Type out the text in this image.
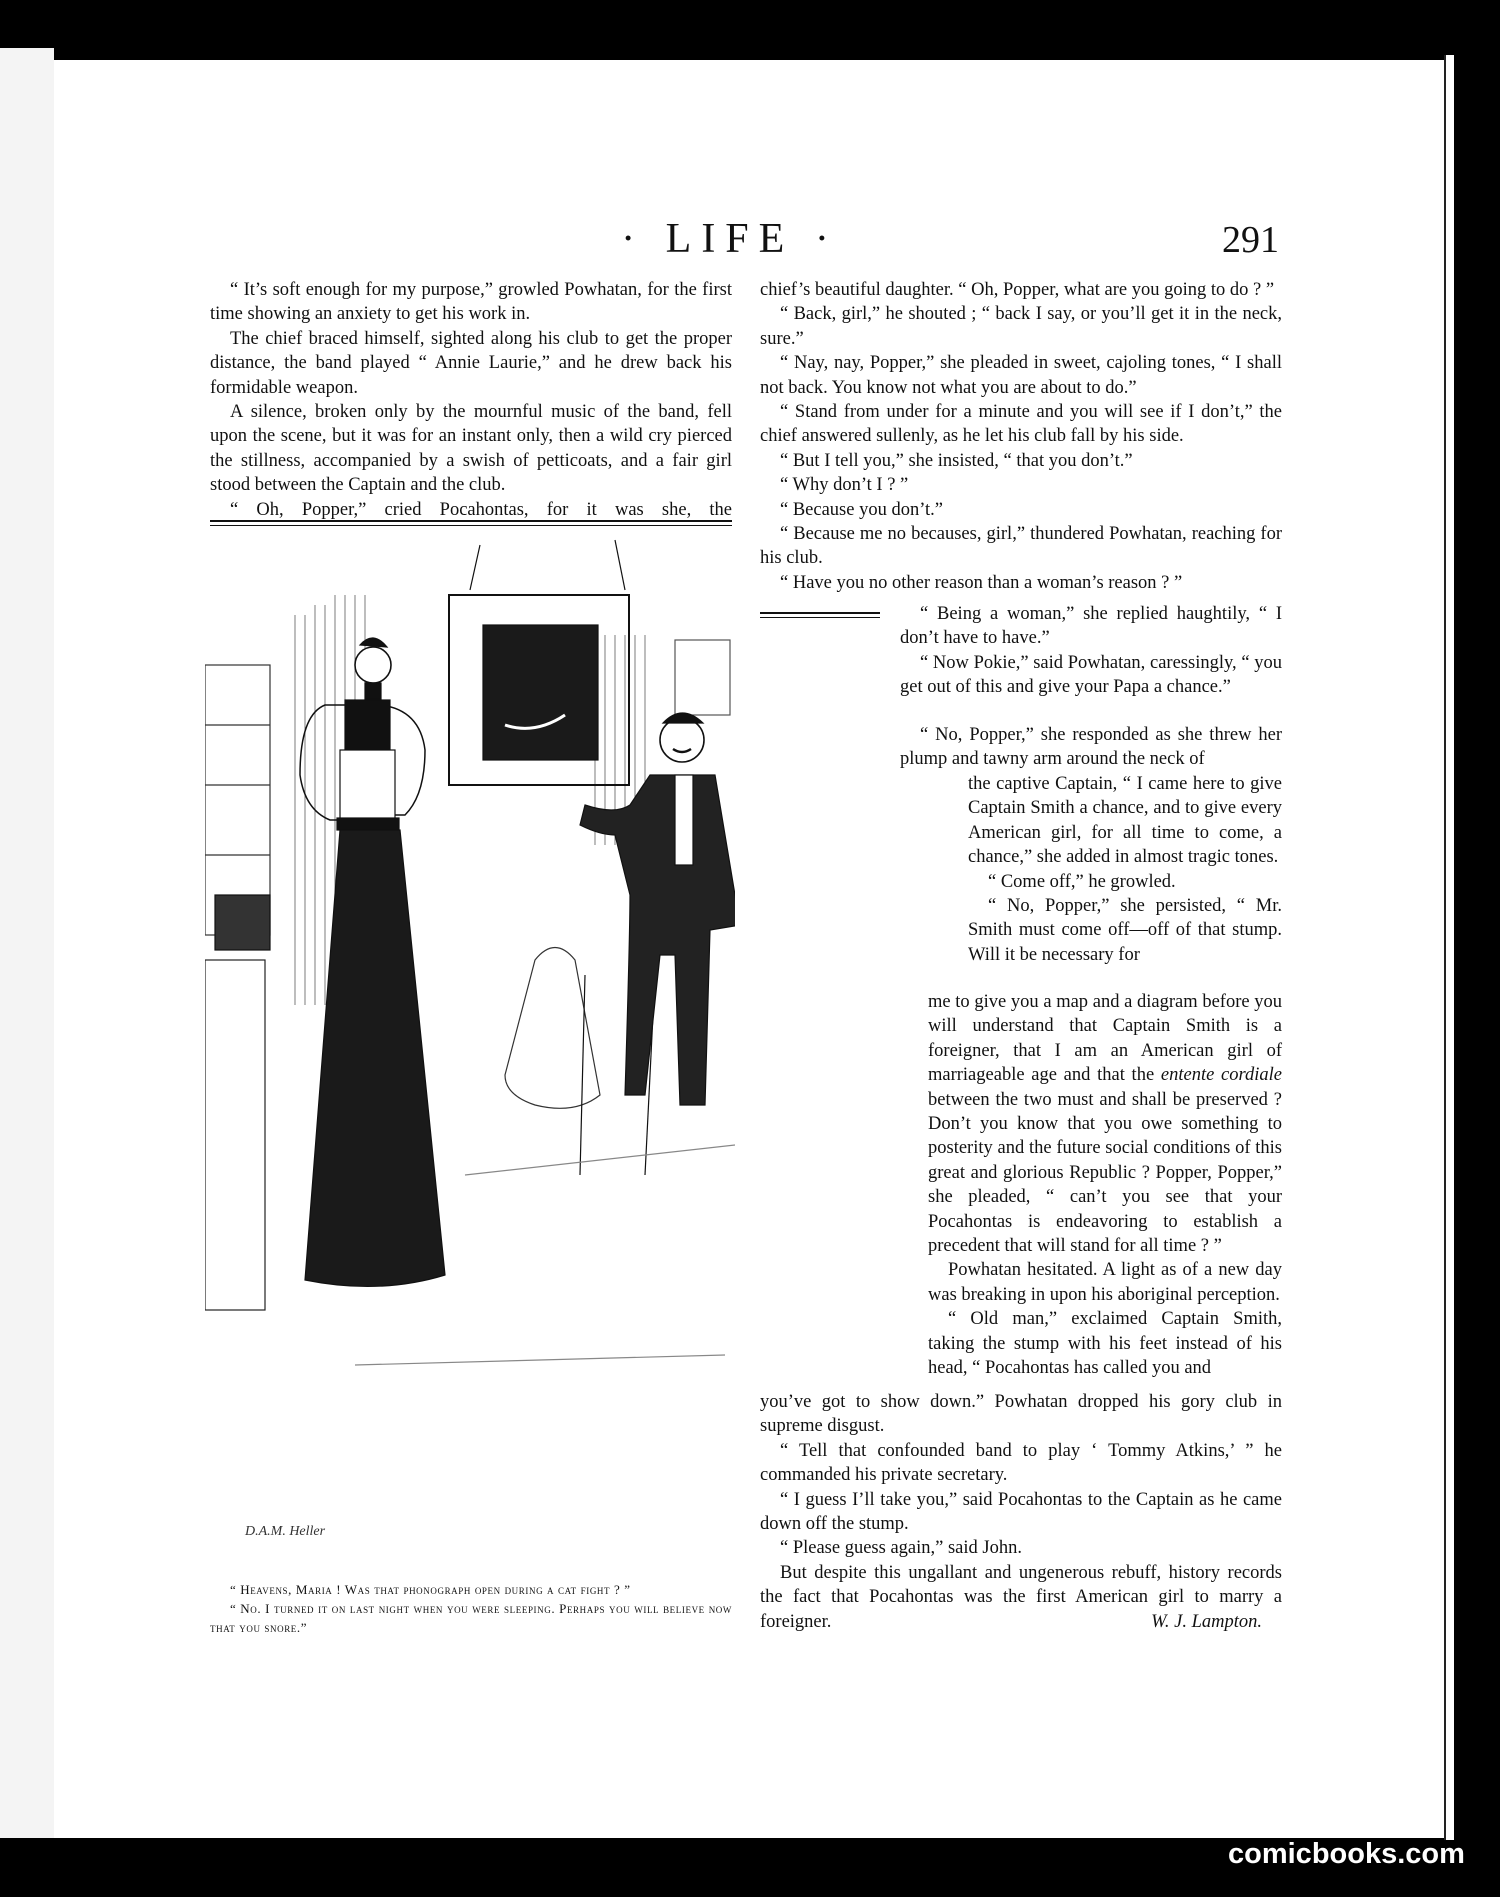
· LIFE ·	291

“ It’s soft enough for my purpose,” growled Powhatan, for the first time showing an anxiety to get his work in.

The chief braced himself, sighted along his club to get the proper distance, the band played “ Annie Laurie,” and he drew back his formidable weapon.

A silence, broken only by the mournful music of the band, fell upon the scene, but it was for an instant only, then a wild cry pierced the stillness, accompanied by a swish of petticoats, and a fair girl stood between the Captain and the club.

“ Oh, Popper,” cried Pocahontas, for it was she, the

D.A.M. Heller

“ Heavens, Maria ! Was that phonograph open during a cat fight ? ”

“ No. I turned it on last night when you were sleeping. Perhaps you will believe now that you snore.”

chief’s beautiful daughter. “ Oh, Popper, what are you going to do ? ”

“ Back, girl,” he shouted ; “ back I say, or you’ll get it in the neck, sure.”

“ Nay, nay, Popper,” she pleaded in sweet, cajoling tones, “ I shall not back. You know not what you are about to do.”

“ Stand from under for a minute and you will see if I don’t,” the chief answered sullenly, as he let his club fall by his side.

“ But I tell you,” she insisted, “ that you don’t.”

“ Why don’t I ? ”

“ Because you don’t.”

“ Because me no becauses, girl,” thundered Powhatan, reaching for his club.

“ Have you no other reason than a woman’s reason ? ”

“ Being a woman,” she replied haughtily, “ I don’t have to have.”

“ Now Pokie,” said Powhatan, caressingly, “ you get out of this and give your Papa a chance.”

“ No, Popper,” she responded as she threw her plump and tawny arm around the neck of

the captive Captain, “ I came here to give Captain Smith a chance, and to give every American girl, for all time to come, a chance,” she added in almost tragic tones.

“ Come off,” he growled.

“ No, Popper,” she persisted, “ Mr. Smith must come off—off of that stump. Will it be necessary for

me to give you a map and a diagram before you will understand that Captain Smith is a foreigner, that I am an American girl of marriageable age and that the entente cordiale between the two must and shall be preserved ? Don’t you know that you owe something to posterity and the future social conditions of this great and glorious Republic ? Popper, Popper,” she pleaded, “ can’t you see that your Pocahontas is endeavoring to establish a precedent that will stand for all time ? ”

Powhatan hesitated. A light as of a new day was breaking in upon his aboriginal perception.

“ Old man,” exclaimed Captain Smith, taking the stump with his feet instead of his head, “ Pocahontas has called you and

you’ve got to show down.” Powhatan dropped his gory club in supreme disgust.

“ Tell that confounded band to play ‘ Tommy Atkins,’ ” he commanded his private secretary.

“ I guess I’ll take you,” said Pocahontas to the Captain as he came down off the stump.

“ Please guess again,” said John.

But despite this ungallant and ungenerous rebuff, history records the fact that Pocahontas was the first American girl to marry a foreigner.	W. J. Lampton.

comicbooks.com
